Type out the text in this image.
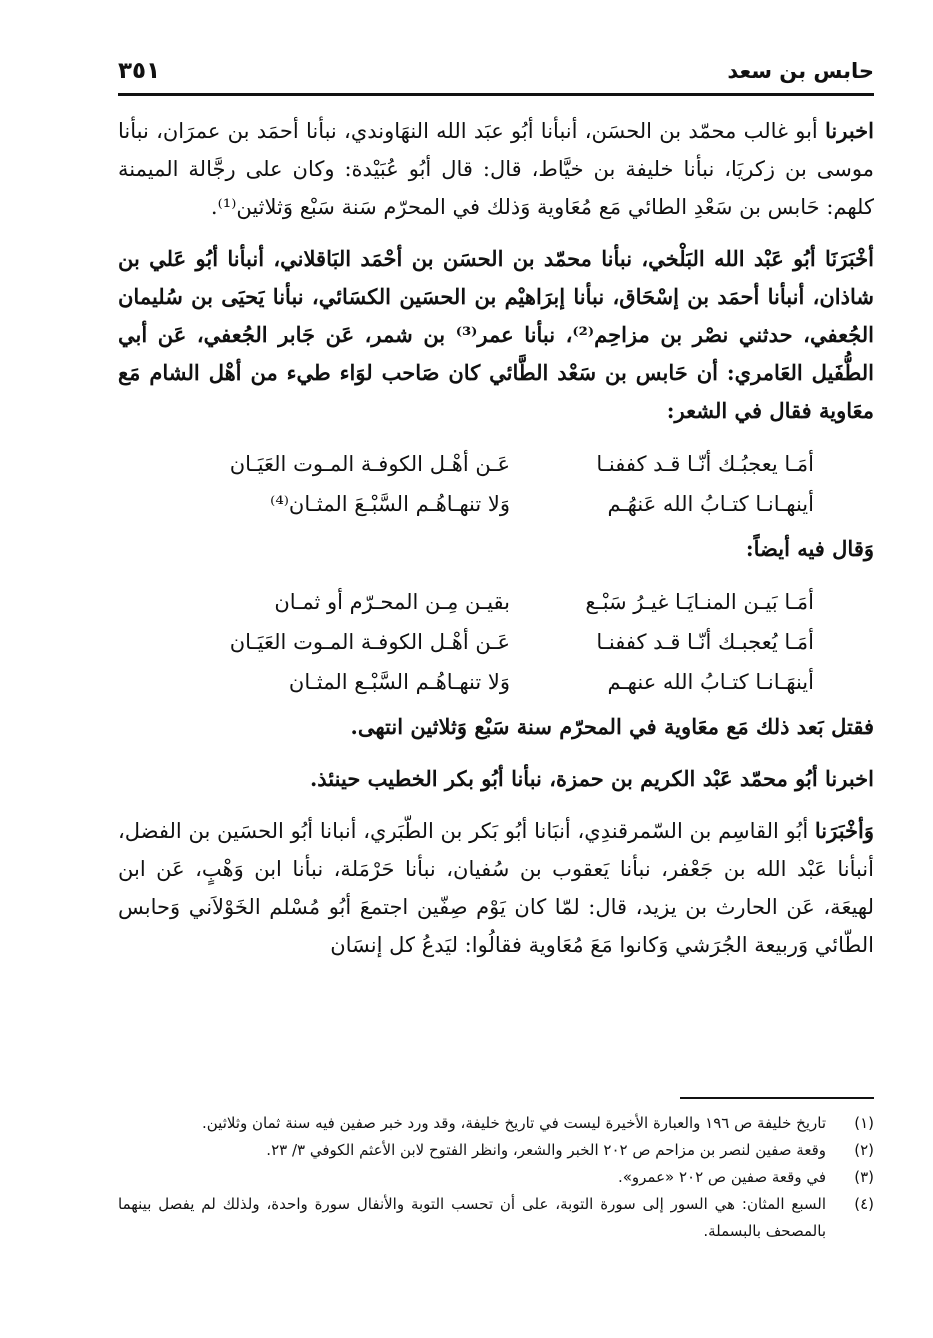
٣٥١	حابس بن سعد

اخبرنا أبو غالب محمّد بن الحسَن، أنبأنا أبُو عبَد الله النهَاوندي، نبأنا أحمَد بن عمرَان، نبأنا موسى بن زكريَا، نبأنا خليفة بن خيَّاط، قال: قال أبُو عُبَيْدة: وكان على رجَّالة الميمنة كلهم: حَابس بن سَعْدِ الطائي مَع مُعَاوية وَذلك في المحرّم سَنة سَبْع وَثلاثين⁽¹⁾.

أخْبَرَنَا أبُو عَبْد الله البَلْخي، نبأنا محمّد بن الحسَن بن أحْمَد البَاقلاني، أنبأنا أبُو عَلي بن شاذان، أنبأنا أحمَد بن إسْحَاق، نبأنا إبرَاهيْم بن الحسَين الكسَائي، نبأنا يَحيَى بن سُليمان الجُعفي، حدثني نصْر بن مزاحِم⁽²⁾، نبأنا عمر⁽³⁾ بن شمر، عَن جَابر الجُعفي، عَن أبي الطُّفَيل العَامري: أن حَابس بن سَعْد الطَّائي كان صَاحب لوَاء طيء من أهْل الشام مَع معَاوية فقال في الشعر:

أمَـا يعجبُـك أنّـا قـد كففنـا
عَـن أهْـل الكوفـة المـوت العَيَـان
أينهـانـا كتـابُ الله عَنهُـم
وَلا تنهـاهُـم السَّبْـعَ المثـان⁽⁴⁾

وَقال فيه أيضاً:

أمَـا بَيـن المنـايَـا غيـرُ سَبْـع
بقيـن مِـن المحـرّم أو ثمـان
أمَـا يُعجبـك أنّـا قـد كففنـا
عَـن أهْـل الكوفـة المـوت العَيَـان
أينهَـانـا كتـابُ الله عنهـم
وَلا تنهـاهُـم السَّبْـع المثـان

فقتل بَعد ذلك مَع معَاوية في المحرّم سنة سَبْع وَثلاثين انتهى.

اخبرنا أبُو محمّد عَبْد الكريم بن حمزة، نبأنا أبُو بكر الخطيب حينئذ.

وَأخْبَرَنا أبُو القاسِم بن السّمرقندِي، أنبَانا أبُو بَكر بن الطّبَري، أنبانا أبُو الحسَين بن الفضل، أنبأنا عَبْد الله بن جَعْفر، نبأنا يَعقوب بن سُفيان، نبأنا حَرْمَلة، نبأنا ابن وَهْبٍ، عَن ابن لهيعَة، عَن الحارث بن يزيد، قال: لمّا كان يَوْم صِفّين اجتمعَ أبُو مُسْلم الخَوْلاَني وَحابس الطّائي وَربيعة الجُرَشي وَكانوا مَعَ مُعَاوية فقالُوا: ليَدعُ كل إنسَان

(١)
تاريخ خليفة ص ١٩٦ والعبارة الأخيرة ليست في تاريخ خليفة، وقد ورد خبر صفين فيه سنة ثمان وثلاثين.
(٢)
وقعة صفين لنصر بن مزاحم ص ٢٠٢ الخبر والشعر، وانظر الفتوح لابن الأعثم الكوفي ٣/ ٢٣.
(٣)
في وقعة صفين ص ٢٠٢ «عمرو».
(٤)
السبع المثان: هي السور إلى سورة التوبة، على أن تحسب التوبة والأنفال سورة واحدة، ولذلك لم يفصل بينهما بالمصحف بالبسملة.
